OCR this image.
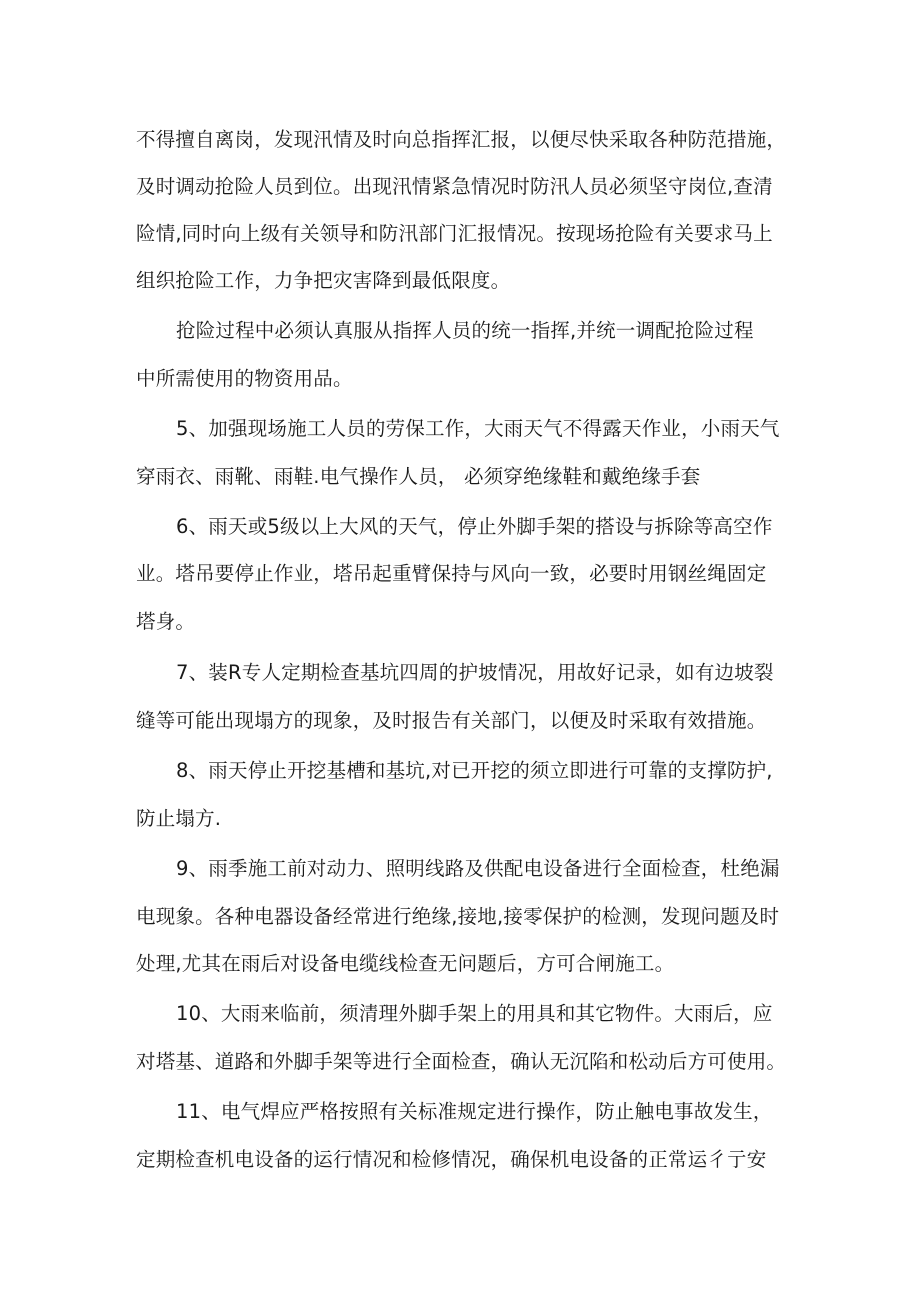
不得擅自离岗，发现汛情及时向总指挥汇报，以便尽快采取各种防范措施，
及时调动抢险人员到位。出现汛情紧急情况时防汛人员必须坚守岗位,查清
险情,同时向上级有关领导和防汛部门汇报情况。按现场抢险有关要求马上
组织抢险工作，力争把灾害降到最低限度。
抢险过程中必须认真服从指挥人员的统一指挥,并统一调配抢险过程
中所需使用的物资用品。
5、加强现场施工人员的劳保工作，大雨天气不得露天作业，小雨天气
穿雨衣、雨靴、雨鞋.电气操作人员， 必须穿绝缘鞋和戴绝缘手套
6、雨天或5级以上大风的天气，停止外脚手架的搭设与拆除等高空作
业。塔吊要停止作业，塔吊起重臂保持与风向一致，必要时用钢丝绳固定
塔身。
7、装R专人定期检查基坑四周的护坡情况，用故好记录，如有边坡裂
缝等可能出现塌方的现象，及时报告有关部门，以便及时采取有效措施。
8、雨天停止开挖基槽和基坑,对已开挖的须立即进行可靠的支撑防护,
防止塌方.
9、雨季施工前对动力、照明线路及供配电设备进行全面检查，杜绝漏
电现象。各种电器设备经常进行绝缘,接地,接零保护的检测，发现问题及时
处理,尤其在雨后对设备电缆线检查无问题后，方可合闸施工。
10、大雨来临前，须清理外脚手架上的用具和其它物件。大雨后，应
对塔基、道路和外脚手架等进行全面检查，确认无沉陷和松动后方可使用。
11、电气焊应严格按照有关标准规定进行操作，防止触电事故发生，
定期检查机电设备的运行情况和检修情况，确保机电设备的正常运彳亍安
